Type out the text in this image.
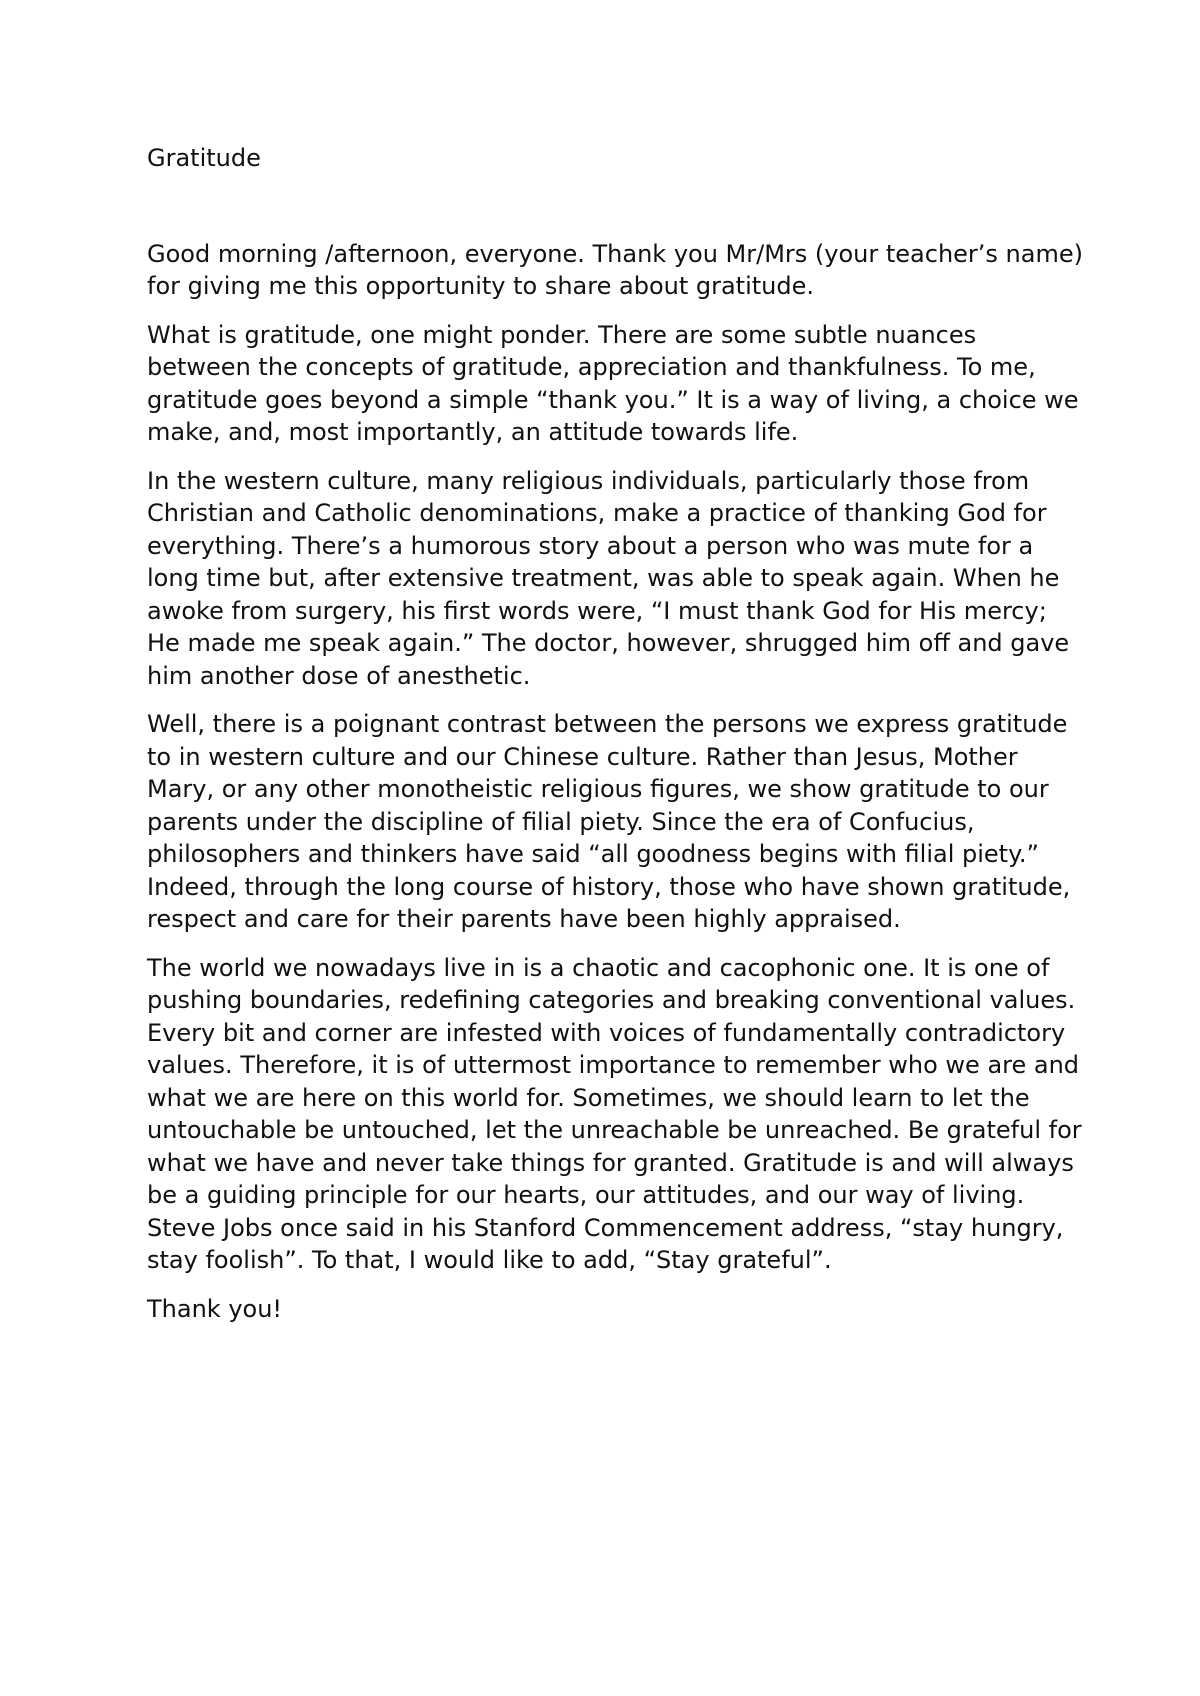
Gratitude

Good morning /afternoon, everyone. Thank you Mr/Mrs (your teacher’s name) for giving me this opportunity to share about gratitude.

What is gratitude, one might ponder. There are some subtle nuances between the concepts of gratitude, appreciation and thankfulness. To me, gratitude goes beyond a simple “thank you.” It is a way of living, a choice we make, and, most importantly, an attitude towards life.

In the western culture, many religious individuals, particularly those from Christian and Catholic denominations, make a practice of thanking God for everything. There’s a humorous story about a person who was mute for a long time but, after extensive treatment, was able to speak again. When he awoke from surgery, his first words were, “I must thank God for His mercy; He made me speak again.” The doctor, however, shrugged him off and gave him another dose of anesthetic.

Well, there is a poignant contrast between the persons we express gratitude to in western culture and our Chinese culture. Rather than Jesus, Mother Mary, or any other monotheistic religious figures, we show gratitude to our parents under the discipline of filial piety. Since the era of Confucius, philosophers and thinkers have said “all goodness begins with filial piety.” Indeed, through the long course of history, those who have shown gratitude, respect and care for their parents have been highly appraised.

The world we nowadays live in is a chaotic and cacophonic one. It is one of pushing boundaries, redefining categories and breaking conventional values. Every bit and corner are infested with voices of fundamentally contradictory values. Therefore, it is of uttermost importance to remember who we are and what we are here on this world for. Sometimes, we should learn to let the untouchable be untouched, let the unreachable be unreached. Be grateful for what we have and never take things for granted. Gratitude is and will always be a guiding principle for our hearts, our attitudes, and our way of living. Steve Jobs once said in his Stanford Commencement address, “stay hungry, stay foolish”. To that, I would like to add, “Stay grateful”.

Thank you!
